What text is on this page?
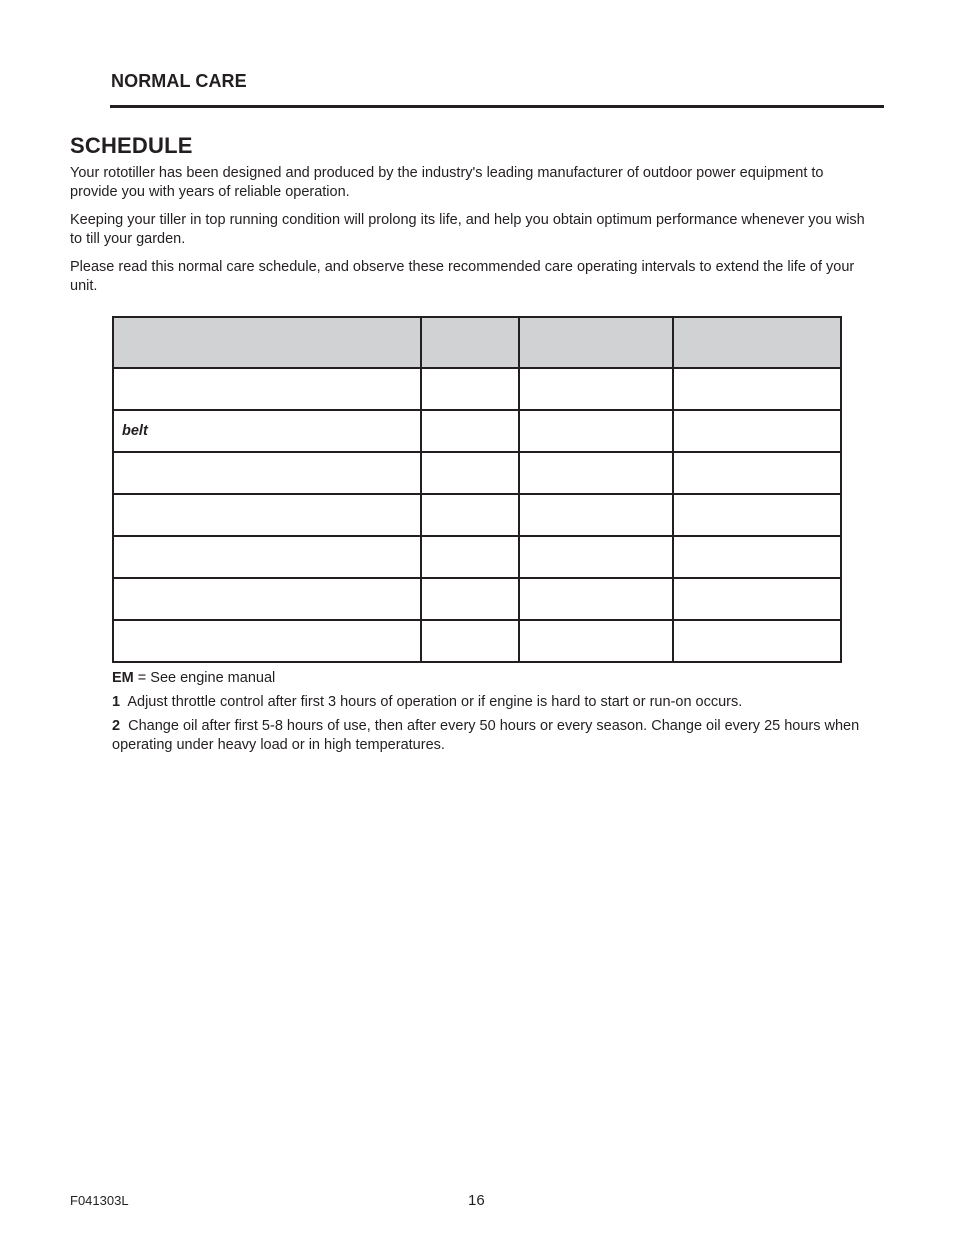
NORMAL CARE
SCHEDULE

Your rototiller has been designed and produced by the industry's leading manufacturer of outdoor power equipment to provide you with years of reliable operation.

Keeping your tiller in top running condition will prolong its life, and help you obtain optimum performance whenever you wish to till your garden.

Please read this normal care schedule, and observe these recommended care operating intervals to extend the life of your unit.

belt			

EM = See engine manual

1 Adjust throttle control after first 3 hours of operation or if engine is hard to start or run-on occurs.

2 Change oil after first 5-8 hours of use, then after every 50 hours or every season. Change oil every 25 hours when operating under heavy load or in high temperatures.

F041303L	16
